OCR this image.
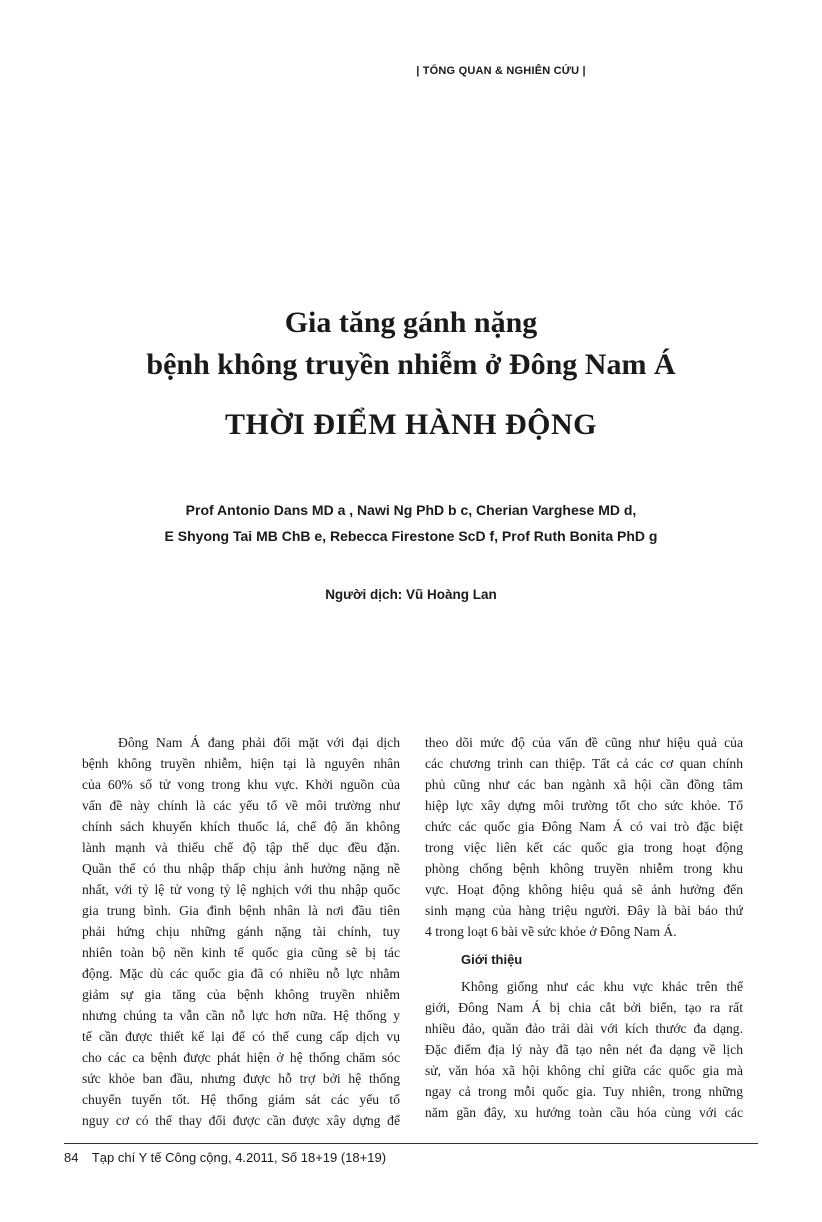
| TỔNG QUAN & NGHIÊN CỨU |
Gia tăng gánh nặng
bệnh không truyền nhiễm ở Đông Nam Á
THỜI ĐIỂM HÀNH ĐỘNG
Prof Antonio Dans MD a , Nawi Ng PhD b c, Cherian Varghese MD d,
E Shyong Tai MB ChB e, Rebecca Firestone ScD f, Prof Ruth Bonita PhD g
Người dịch: Vũ Hoàng Lan
Đông Nam Á đang phải đối mặt với đại dịch
bệnh không truyền nhiễm, hiện tại là nguyên nhân
của 60% số tử vong trong khu vực. Khởi nguồn của
vấn đề này chính là các yếu tố về môi trường như
chính sách khuyến khích thuốc lá, chế độ ăn không
lành mạnh và thiếu chế độ tập thể dục đều đặn.
Quần thể có thu nhập thấp chịu ảnh hưởng nặng nề
nhất, với tỷ lệ tử vong tỷ lệ nghịch với thu nhập quốc
gia trung bình. Gia đình bệnh nhân là nơi đầu tiên
phải hứng chịu những gánh nặng tài chính, tuy
nhiên toàn bộ nền kinh tế quốc gia cũng sẽ bị tác
động. Mặc dù các quốc gia đã có nhiều nỗ lực nhằm
giảm sự gia tăng của bệnh không truyền nhiễm
nhưng chúng ta vẫn cần nỗ lực hơn nữa. Hệ thống y
tế cần được thiết kế lại để có thể cung cấp dịch vụ
cho các ca bệnh được phát hiện ở hệ thống chăm sóc
sức khỏe ban đầu, nhưng được hỗ trợ bởi hệ thống
chuyển tuyến tốt. Hệ thống giám sát các yếu tố
nguy cơ có thể thay đổi được cần được xây dựng để
theo dõi mức độ của vấn đề cũng như hiệu quả của
các chương trình can thiệp. Tất cả các cơ quan chính
phủ cũng như các ban ngành xã hội cần đồng tâm
hiệp lực xây dựng môi trường tốt cho sức khỏe. Tổ
chức các quốc gia Đông Nam Á có vai trò đặc biệt
trong việc liên kết các quốc gia trong hoạt động
phòng chống bệnh không truyền nhiễm trong khu
vực. Hoạt động không hiệu quả sẽ ảnh hưởng đến
sinh mạng của hàng triệu người. Đây là bài báo thứ
4 trong loạt 6 bài về sức khỏe ở Đông Nam Á.
Giới thiệu
Không giống như các khu vực khác trên thế
giới, Đông Nam Á bị chia cắt bởi biển, tạo ra rất
nhiều đảo, quần đảo trải dài với kích thước đa dạng.
Đặc điểm địa lý này đã tạo nên nét đa dạng về lịch
sử, văn hóa xã hội không chỉ giữa các quốc gia mà
ngay cả trong mỗi quốc gia. Tuy nhiên, trong những
năm gần đây, xu hướng toàn cầu hóa cùng với các
84 Tạp chí Y tế Công cộng, 4.2011, Số 18+19 (18+19)
